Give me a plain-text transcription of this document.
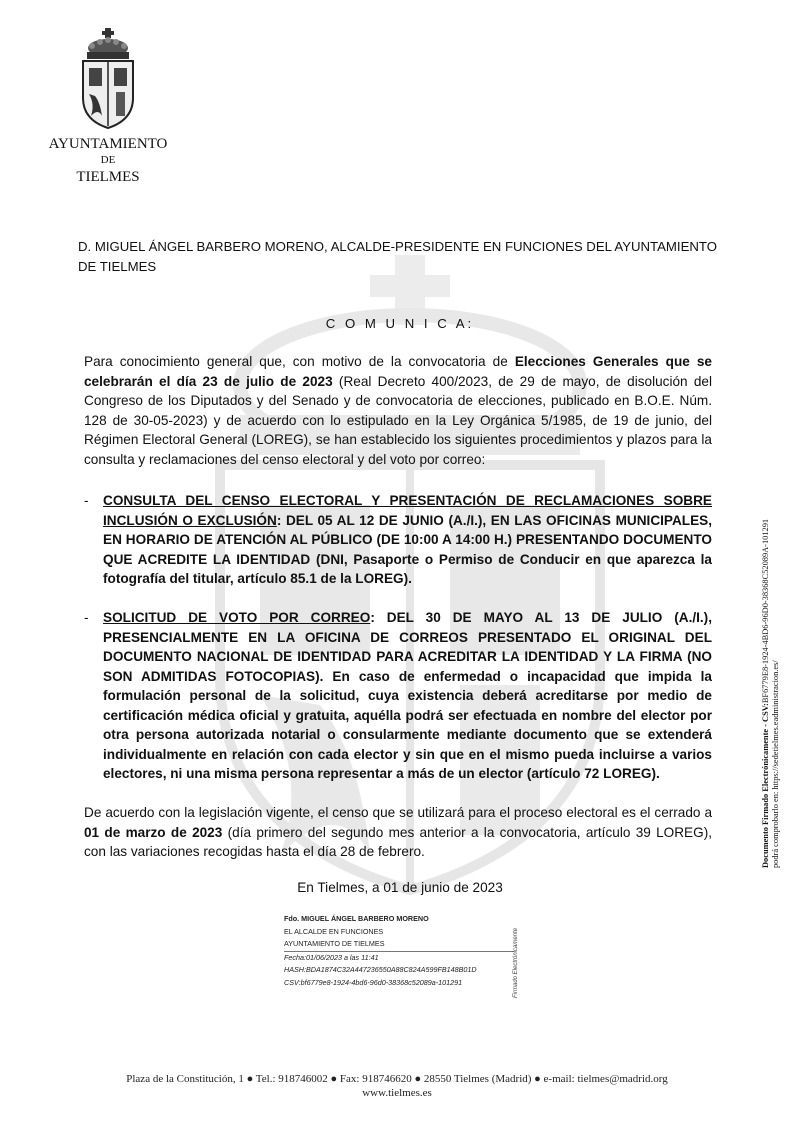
AYUNTAMIENTO
DE
TIELMES
D. MIGUEL ÁNGEL BARBERO MORENO, ALCALDE-PRESIDENTE EN FUNCIONES DEL AYUNTAMIENTO DE TIELMES
C O M U N I C A:
Para conocimiento general que, con motivo de la convocatoria de Elecciones Generales que se celebrarán el día 23 de julio de 2023 (Real Decreto 400/2023, de 29 de mayo, de disolución del Congreso de los Diputados y del Senado y de convocatoria de elecciones, publicado en B.O.E. Núm. 128 de 30-05-2023) y de acuerdo con lo estipulado en la Ley Orgánica 5/1985, de 19 de junio, del Régimen Electoral General (LOREG), se han establecido los siguientes procedimientos y plazos para la consulta y reclamaciones del censo electoral y del voto por correo:
- CONSULTA DEL CENSO ELECTORAL Y PRESENTACIÓN DE RECLAMACIONES SOBRE INCLUSIÓN O EXCLUSIÓN: DEL 05 AL 12 DE JUNIO (A./I.), EN LAS OFICINAS MUNICIPALES, EN HORARIO DE ATENCIÓN AL PÚBLICO (DE 10:00 A 14:00 H.) PRESENTANDO DOCUMENTO QUE ACREDITE LA IDENTIDAD (DNI, Pasaporte o Permiso de Conducir en que aparezca la fotografía del titular, artículo 85.1 de la LOREG).
- SOLICITUD DE VOTO POR CORREO: DEL 30 DE MAYO AL 13 DE JULIO (A./I.), PRESENCIALMENTE EN LA OFICINA DE CORREOS PRESENTADO EL ORIGINAL DEL DOCUMENTO NACIONAL DE IDENTIDAD PARA ACREDITAR LA IDENTIDAD Y LA FIRMA (NO SON ADMITIDAS FOTOCOPIAS). En caso de enfermedad o incapacidad que impida la formulación personal de la solicitud, cuya existencia deberá acreditarse por medio de certificación médica oficial y gratuita, aquélla podrá ser efectuada en nombre del elector por otra persona autorizada notarial o consularmente mediante documento que se extenderá individualmente en relación con cada elector y sin que en el mismo pueda incluirse a varios electores, ni una misma persona representar a más de un elector (artículo 72 LOREG).
De acuerdo con la legislación vigente, el censo que se utilizará para el proceso electoral es el cerrado a 01 de marzo de 2023 (día primero del segundo mes anterior a la convocatoria, artículo 39 LOREG), con las variaciones recogidas hasta el día 28 de febrero.
En Tielmes, a 01 de junio de 2023
Fdo. MIGUEL ÁNGEL BARBERO MORENO
EL ALCALDE EN FUNCIONES
AYUNTAMIENTO DE TIELMES
Fecha:01/06/2023 a las 11:41
HASH:BDA1874C32A447236550A88C824A599FB148B01D
CSV:bf6779e8-1924-4bd6-96d0-38368c52089a-101291	Firmado Electrónicamente
Documento Firmado Electrónicamente - CSV:BF6779E8-1924-4BD6-96D0-38368C52089A-101291
podrá comprobarlo en: https://sedetielmes.eadministracion.es/
Plaza de la Constitución, 1 ● Tel.: 918746002 ● Fax: 918746620 ● 28550 Tielmes (Madrid) ● e-mail: tielmes@madrid.org
www.tielmes.es
